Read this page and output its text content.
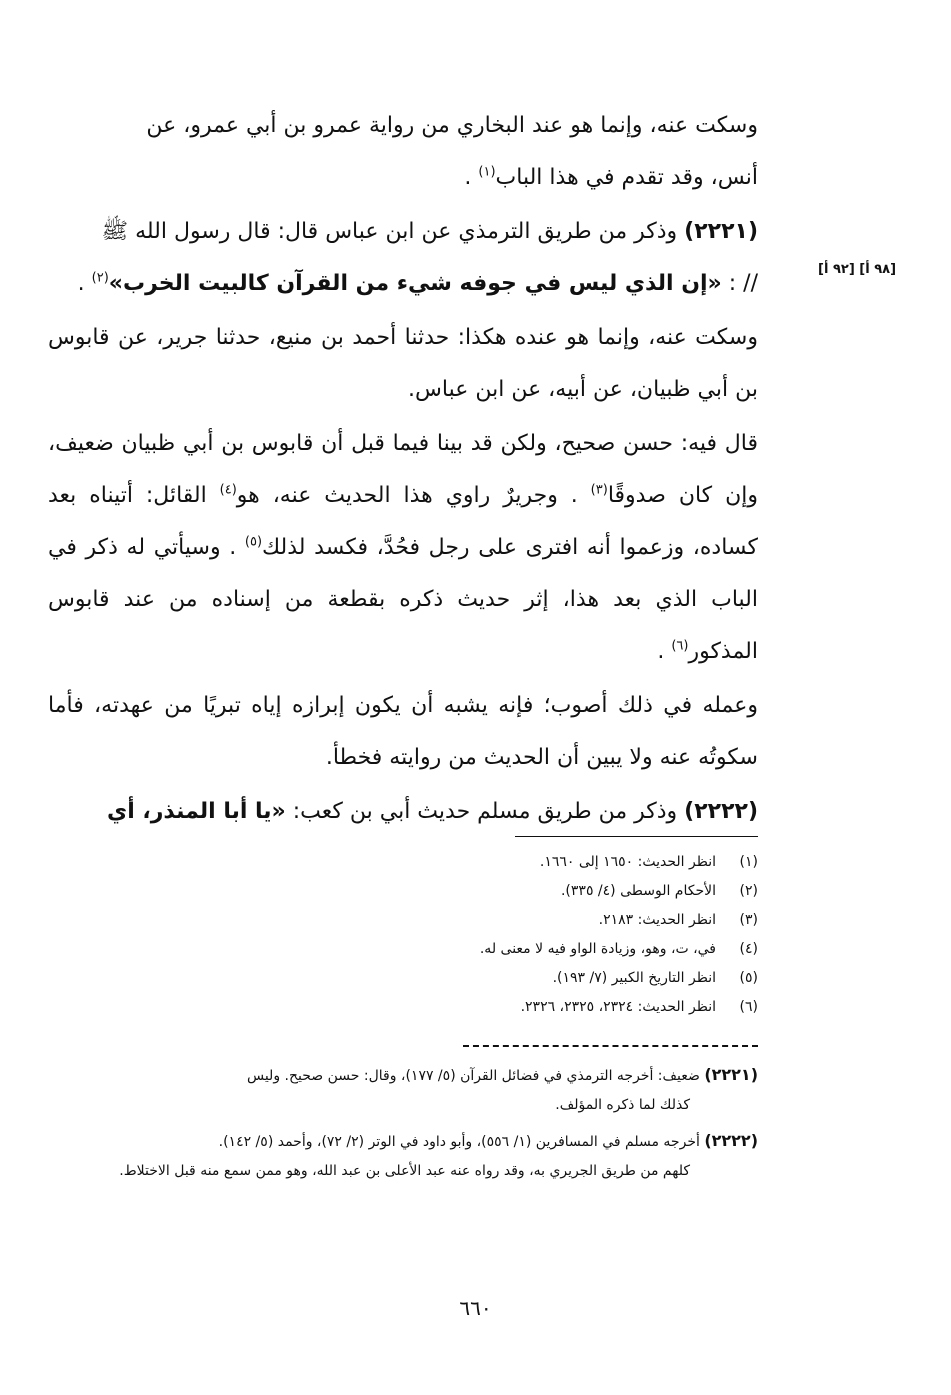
وسكت عنه، وإنما هو عند البخاري من رواية عمرو بن أبي عمرو، عن
أنس، وقد تقدم في هذا الباب$^{(١)}$ .

(٢٢٢١) وذكر من طريق الترمذي عن ابن عباس قال: قال رسول الله ﷺ
// : «إن الذي ليس في جوفه شيء من القرآن كالبيت الخرب»$^{(٢)}$ .

وسكت عنه، وإنما هو عنده هكذا: حدثنا أحمد بن منيع، حدثنا جرير، عن قابوس بن أبي ظبيان، عن أبيه، عن ابن عباس.

قال فيه: حسن صحيح، ولكن قد بينا فيما قبل أن قابوس بن أبي ظبيان ضعيف، وإن كان صدوقًا$^{(٣)}$ . وجريرٌ راوي هذا الحديث عنه، هو$^{(٤)}$ القائل: أتيناه بعد كساده، وزعموا أنه افترى على رجل فحُدَّ، فكسد لذلك$^{(٥)}$ . وسيأتي له ذكر في الباب الذي بعد هذا، إثر حديث ذكره بقطعة من إسناده من عند قابوس المذكور$^{(٦)}$ .

وعمله في ذلك أصوب؛ فإنه يشبه أن يكون إبرازه إياه تبريًا من عهدته، فأما سكوتُه عنه ولا يبين أن الحديث من روايته فخطأ.

(٢٢٢٢) وذكر من طريق مسلم حديث أبي بن كعب: «يا أبا المنذر، أي

[٩٨ أ] [٩٢ أ]
(١)
انظر الحديث: ١٦٥٠ إلى ١٦٦٠.
(٢)
الأحكام الوسطى (٤/ ٣٣٥).
(٣)
انظر الحديث: ٢١٨٣.
(٤)
في، ت، وهو، وزيادة الواو فيه لا معنى له.
(٥)
انظر التاريخ الكبير (٧/ ١٩٣).
(٦)
انظر الحديث: ٢٣٢٤، ٢٣٢٥، ٢٣٢٦.

(٢٢٢١) ضعيف: أخرجه الترمذي في فضائل القرآن (٥/ ١٧٧)، وقال: حسن صحيح. وليس
كذلك لما ذكره المؤلف.

(٢٢٢٢) أخرجه مسلم في المسافرين (١/ ٥٥٦)، وأبو داود في الوتر (٢/ ٧٢)، وأحمد (٥/ ١٤٢).
كلهم من طريق الجريري به، وقد رواه عنه عبد الأعلى بن عبد الله، وهو ممن سمع منه قبل الاختلاط.

٦٦٠
